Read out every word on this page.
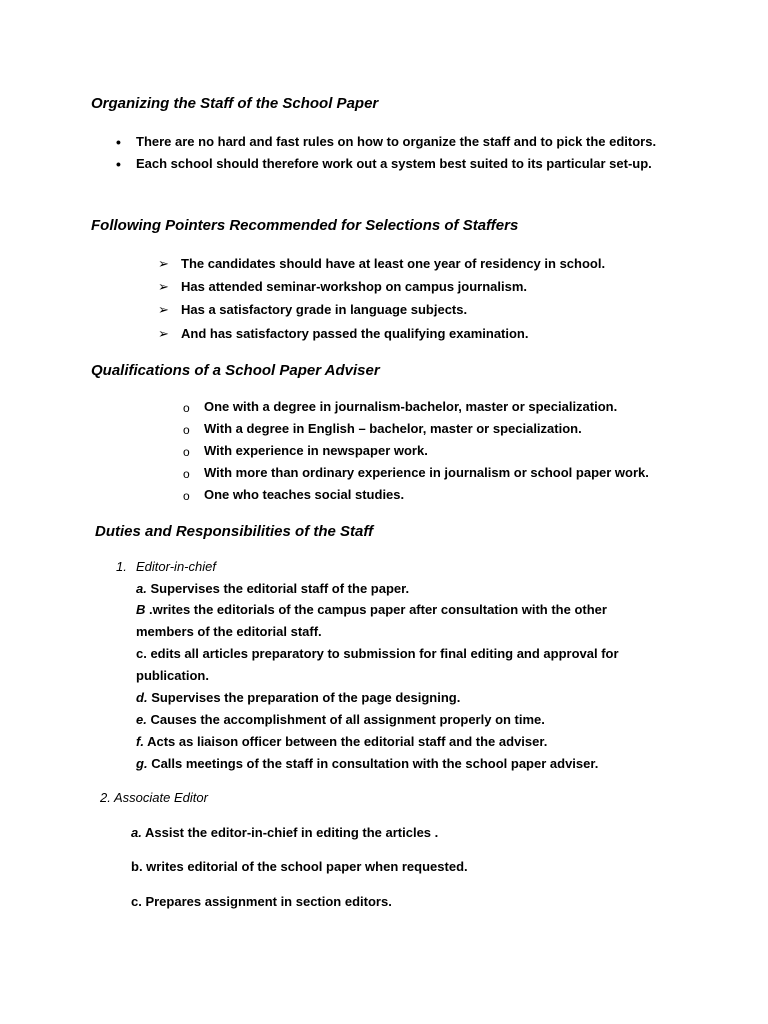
Organizing the Staff of the School Paper
• There are no hard and fast rules on how to organize the staff and to pick the editors.

• Each school should therefore work out a system best suited to its particular set-up.

Following Pointers Recommended for Selections of Staffers
➢ The candidates should have at least one year of residency in school.

➢ Has attended seminar-workshop on campus journalism.

➢ Has a satisfactory grade in language subjects.

➢ And has satisfactory passed the qualifying examination.

Qualifications of a School Paper Adviser
o One with a degree in journalism-bachelor, master or specialization.

o With a degree in English – bachelor, master or specialization.

o With experience in newspaper work.

o With more than ordinary experience in journalism or school paper work.

o One who teaches social studies.

Duties and Responsibilities of the Staff
1. Editor-in-chief

a. Supervises the editorial staff of the paper.

B .writes the editorials of the campus paper after consultation with the other

members of the editorial staff.

c. edits all articles preparatory to submission for final editing and approval for

publication.

d. Supervises the preparation of the page designing.

e. Causes the accomplishment of all assignment properly on time.

f. Acts as liaison officer between the editorial staff and the adviser.

g. Calls meetings of the staff in consultation with the school paper adviser.

2. Associate Editor

a. Assist the editor-in-chief in editing the articles .

b. writes editorial of the school paper when requested.

c. Prepares assignment in section editors.
